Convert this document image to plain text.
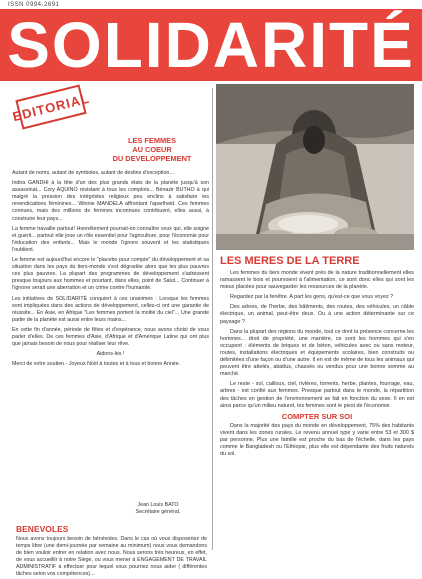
ISSN 0994-2691
SOLIDARITÉ
EDITORIAL
LES FEMMES
AU COEUR
DU DEVELOPPEMENT

Autant de noms, autant de symboles, autant de destins d'exception...

Indira GANDHI à la tête d'un des plus grands états de la planète jusqu'à son assassinat... Cory AQUINO résistant à tous les complots... Bénazir BUTHO à qui malgré la pression des intégristes religieux peu enclins à satisfaire les revendications féminines... Winnie MANDELA affrontant l'apartheid. Ces femmes connues, mais des millions de femmes inconnues contribuent, elles aussi, à construire leur pays...

La femme travaille partout! Honnêtement pourrait-on connaître ceux qui, elle soigne et guérit... partout elle joue un rôle essentiel pour l'agriculture, pour l'économie pour l'éducation des enfants... Mais le monde l'ignore souvent et les statistiques l'oublient.

Le femme est aujourd'hui encore le "placebo pour compte" du développement et sa situation dans les pays du tiers-monde s'est dégradée alors que les plus pauvres ces plus pauvres. La plupart des programmes de développement s'adressent presque toujours aux hommes et pourtant, dans elles, point de Salut... Continuer à l'ignorer serait une aberration et un crime contre l'humanité.

Les initiatives de SOLIDARITÉ conquiert à ces unanimes : Lorsque les femmes sont impliquées dans des actions de développement, celles-ci ont une garantie de réussite... En Asie, en Afrique "Les femmes portent la moitié du ciel"... Une grande partie de la planète est aussi entre leurs mains...

En cette fin d'année, période de fêtes et d'espérance, nous avons choisi de vous parler d'elles. De ces femmes d'Asie, d'Afrique et d'Amérique Latine qui ont plus que jamais besoin de nous pour réaliser leur rêve.

Aidons-les !

Merci de votre soutien - Joyeux Noël à toutes et à tous et bonne Année.

Jean Louis BATO
Secrétaire général.
BENEVOLES
Nous avons toujours besoin de bénévoles. Dans le cas où vous disposeriez de temps libre (une demi-journée par semaine au minimum) nous vous demandons de bien vouloir entrer en relation avec nous. Nous serons très heureux, en effet, de vous accueillir à notre Siège, ou vous mener à ENGAGEMENT DE TRAVAIL ADMINISTRATIF à effectuer pour lequel vous pourriez nous aider ( différentes tâches selon vos compétences)...
LES MERES DE LA TERRE

Les femmes du tiers monde vivent près de la nature traditionnellement elles ramassent le bois et pourvoient à l'alimentation, ce sont donc elles qui sont les mieux placées pour sauvegarder les ressources de la planète.

Regardez par la fenêtre. A part les gens, qu'est-ce que vous voyez ?

Des arbres, de l'herbe, des bâtiments, des routes, des véhicules, un câble électrique, un animal, peut-être deux. Ou à une action déterminante sur ce paysage ?

Dans la plupart des régions du monde, tout ce dont la présence concerne les hommes... droit de propriété, une manière, ce sont les hommes qui s'en occupent : éléments de briques et de béton, véhicules avec ou sans moteur, routes, installations électriques et équipements scolaires, bien construits ou délimitées d'une façon ou d'une autre. Il en est de même de tous les animaux qui peuvent être attelés, abattus, chassés ou vendus pour une bonne somme au marché.

Le reste - sol, cailloux, ciel, rivières, torrents, herbe, plantes, fourrage, eau, arbres - est confié aux femmes. Presque partout dans le monde, la répartition des tâches en gestion de l'environnement se fait en fonction du sexe. Il en est ainsi parce qu'un milieu naturel, les femmes sont le pivot de l'économie.

COMPTER SUR SOI

Dans la majorité des pays du monde en développement, 75% des habitants vivent dans les zones rurales. Le revenu annuel type y varie entre 53 et 300 $ par personne. Plus une famille est proche du bas de l'échelle, dans les pays comme le Bangladesh ou l'Ethiopie, plus elle est dépendante des fruits naturels du sol.
